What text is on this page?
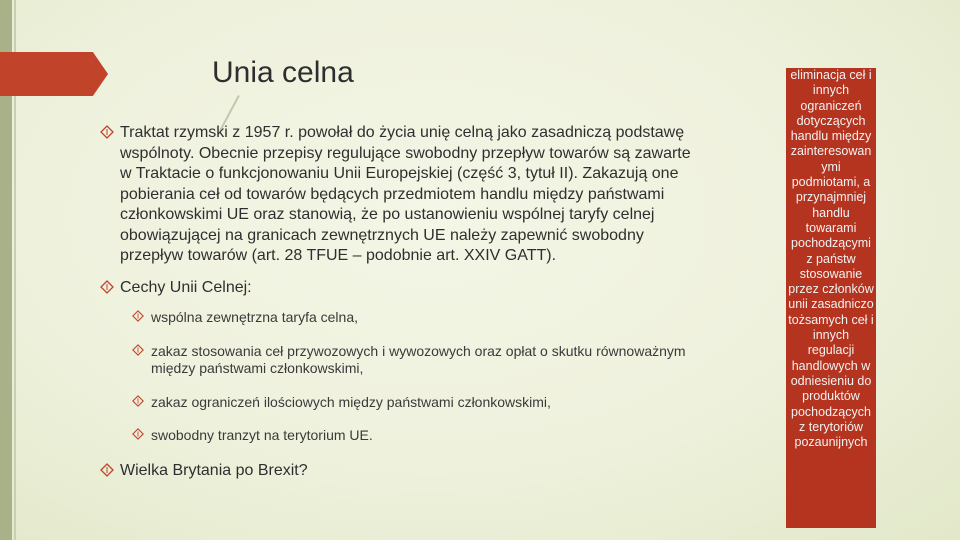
Unia celna
Traktat rzymski z 1957 r. powołał do życia unię celną jako zasadniczą podstawę wspólnoty. Obecnie przepisy regulujące swobodny przepływ towarów są zawarte w Traktacie o funkcjonowaniu Unii Europejskiej (część 3, tytuł II). Zakazują one pobierania ceł od towarów będących przedmiotem handlu między państwami członkowskimi UE oraz stanowią, że po ustanowieniu wspólnej taryfy celnej obowiązującej na granicach zewnętrznych UE należy zapewnić swobodny przepływ towarów (art. 28 TFUE – podobnie art. XXIV GATT).
Cechy Unii Celnej:
wspólna zewnętrzna taryfa celna,
zakaz stosowania ceł przywozowych i wywozowych oraz opłat o skutku równoważnym między państwami członkowskimi,
zakaz ograniczeń ilościowych między państwami członkowskimi,
swobodny tranzyt na terytorium UE.
Wielka Brytania po Brexit?
eliminacja ceł i innych ograniczeń dotyczących handlu między zainteresowanymi podmiotami, a przynajmniej handlu towarami pochodzącymi z państw stosowanie przez członków unii zasadniczo tożsamych ceł i innych regulacji handlowych w odniesieniu do produktów pochodzących z terytoriów pozaunijnych
